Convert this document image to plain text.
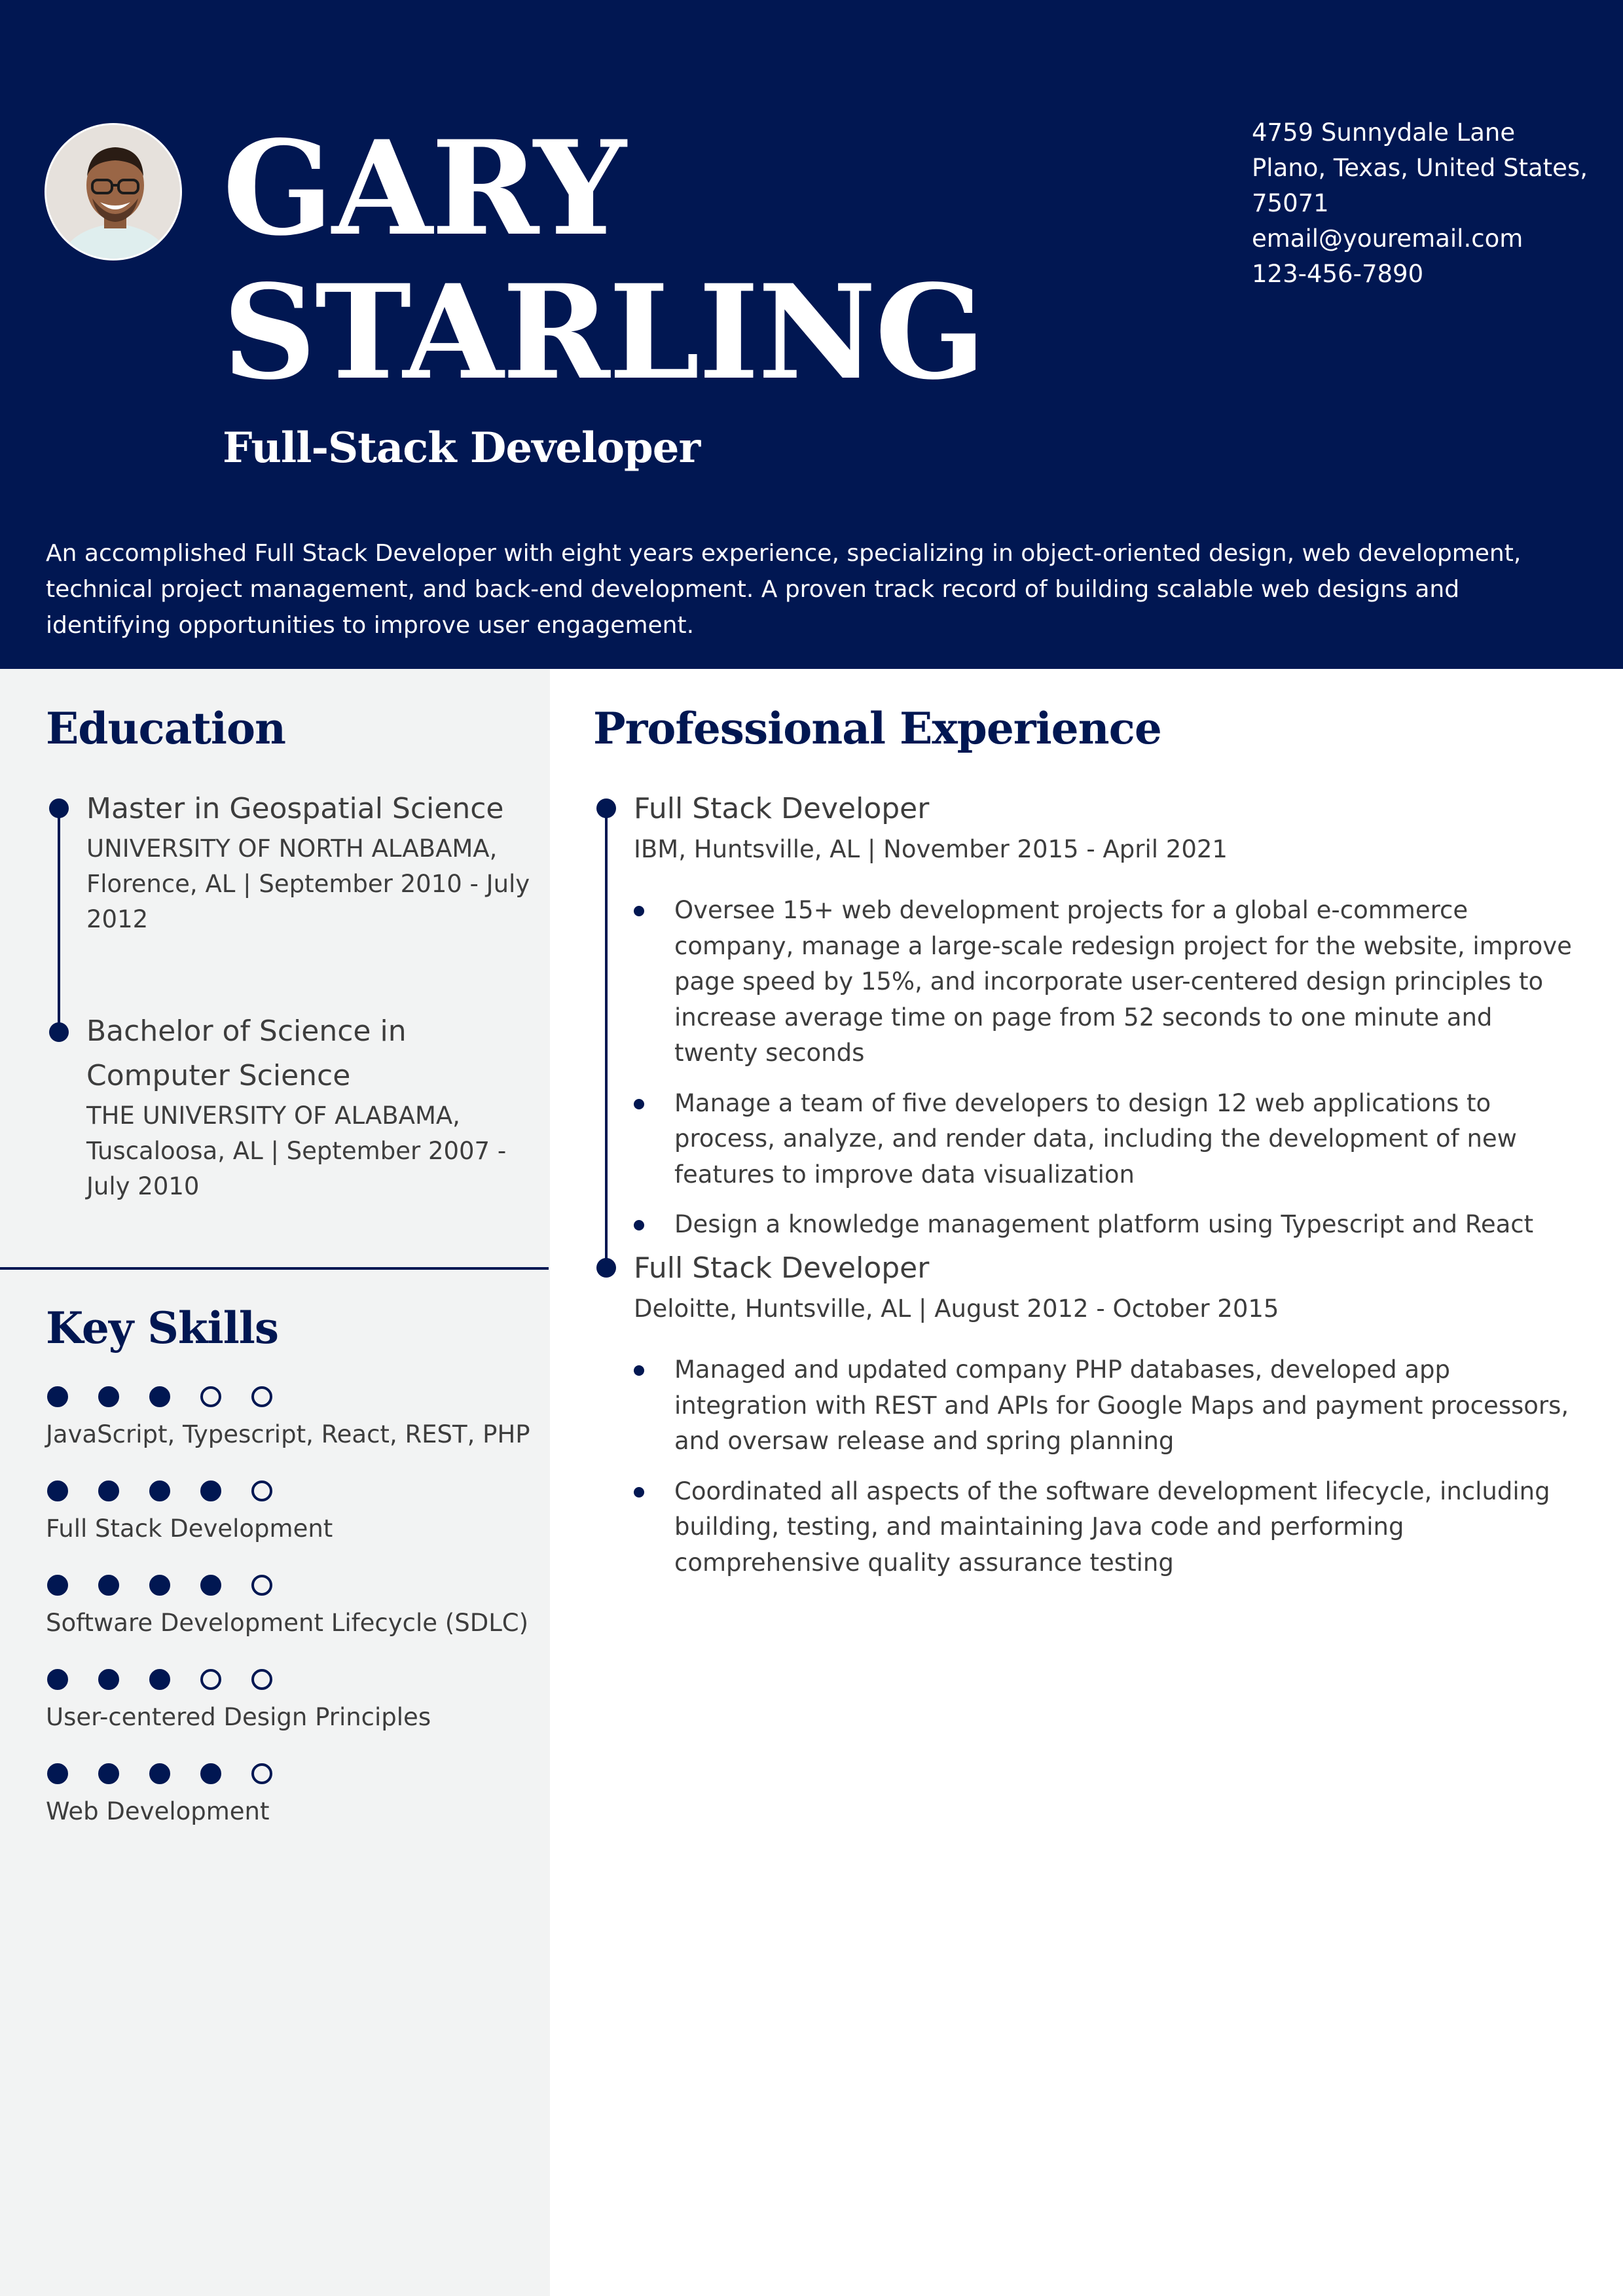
GARY
STARLING
Full-Stack Developer
4759 Sunnydale Lane
Plano, Texas, United States,
75071
email@youremail.com
123-456-7890
An accomplished Full Stack Developer with eight years experience, specializing in object-oriented design, web development, technical project management, and back-end development. A proven track record of building scalable web designs and identifying opportunities to improve user engagement.
Education
Master in Geospatial Science
UNIVERSITY OF NORTH ALABAMA, Florence, AL | September 2010 - July 2012
Bachelor of Science in Computer Science
THE UNIVERSITY OF ALABAMA, Tuscaloosa, AL | September 2007 - July 2010
Key Skills
JavaScript, Typescript, React, REST, PHP
Full Stack Development
Software Development Lifecycle (SDLC)
User-centered Design Principles
Web Development
Professional Experience
Full Stack Developer
IBM, Huntsville, AL | November 2015 - April 2021
Oversee 15+ web development projects for a global e-commerce company, manage a large-scale redesign project for the website, improve page speed by 15%, and incorporate user-centered design principles to increase average time on page from 52 seconds to one minute and twenty seconds
Manage a team of five developers to design 12 web applications to process, analyze, and render data, including the development of new features to improve data visualization
Design a knowledge management platform using Typescript and React
Full Stack Developer
Deloitte, Huntsville, AL | August 2012 - October 2015
Managed and updated company PHP databases, developed app integration with REST and APIs for Google Maps and payment processors, and oversaw release and spring planning
Coordinated all aspects of the software development lifecycle, including building, testing, and maintaining Java code and performing comprehensive quality assurance testing
